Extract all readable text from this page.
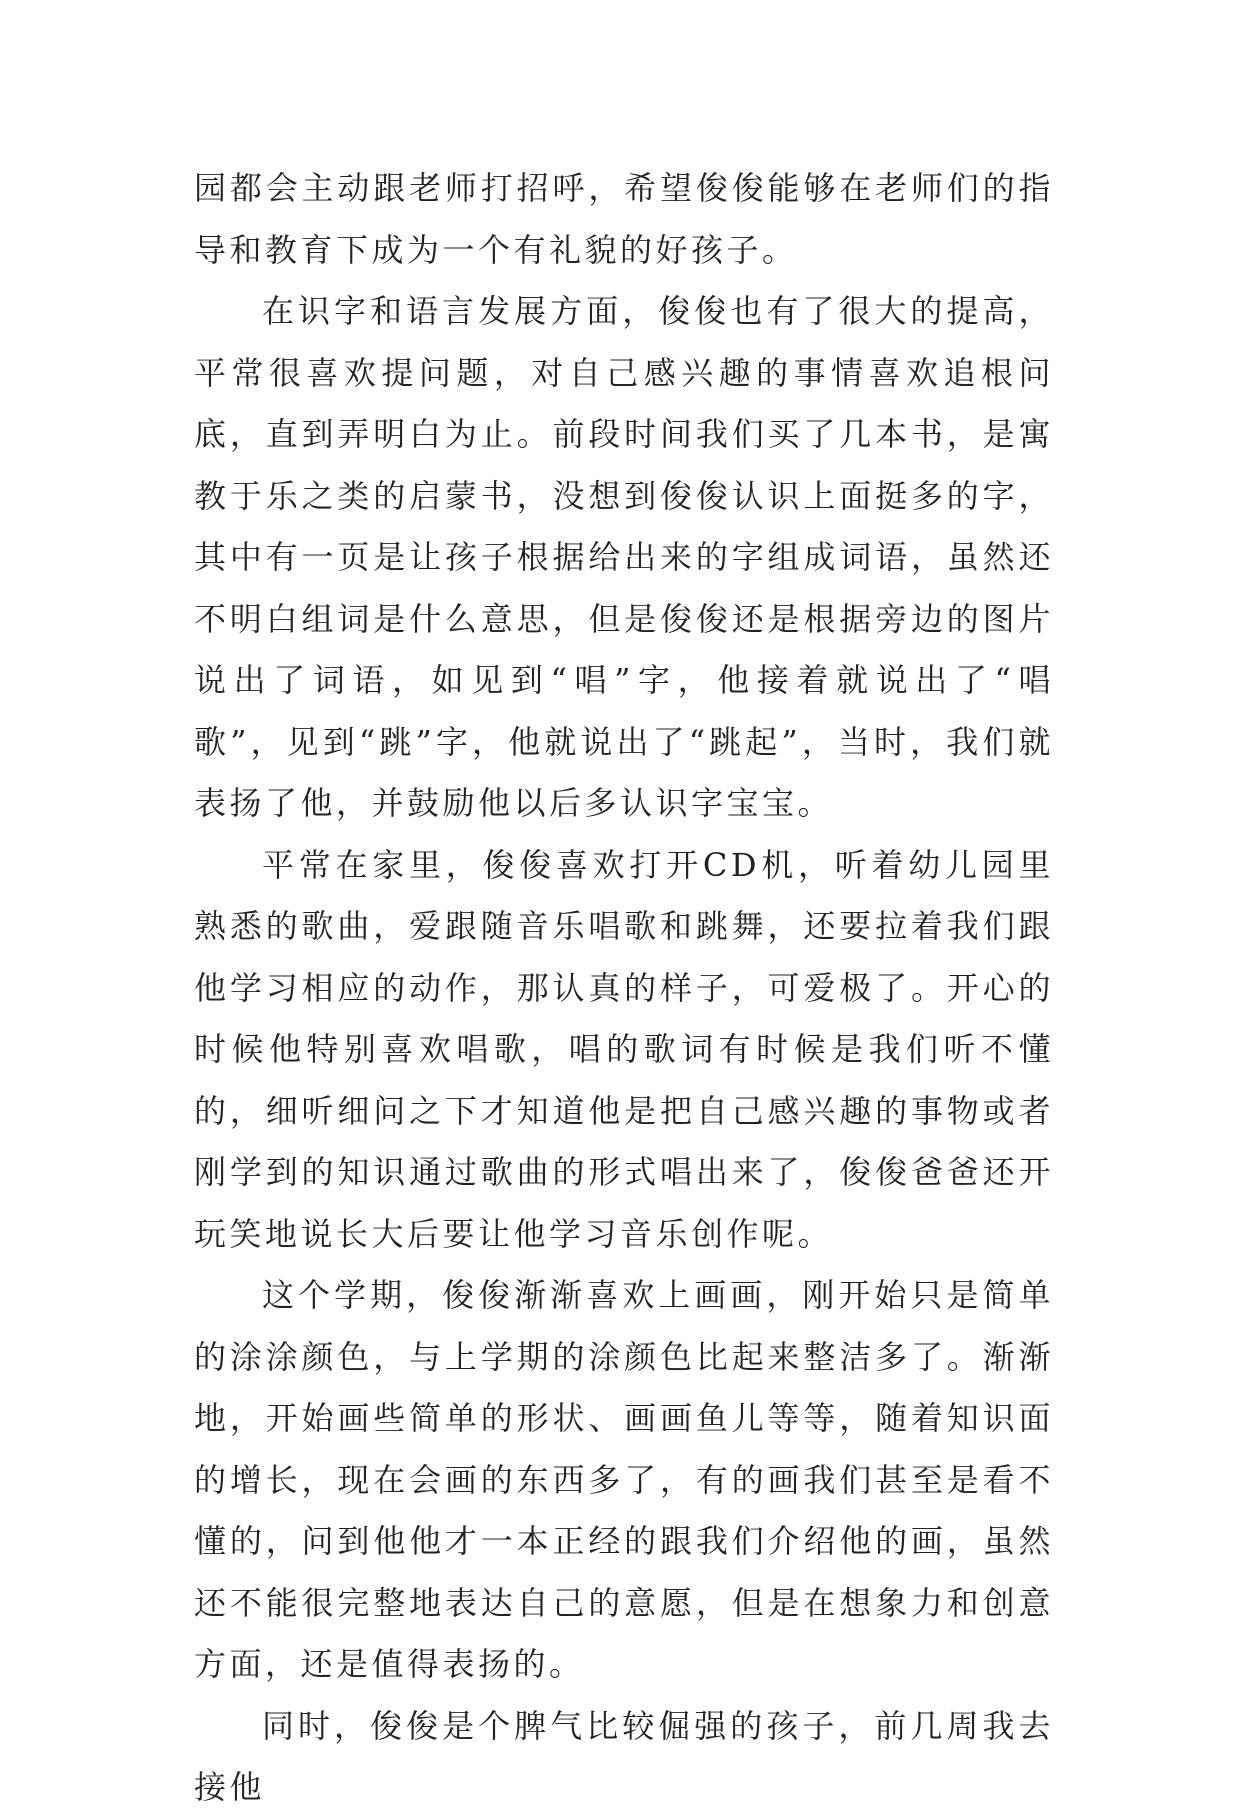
园都会主动跟老师打招呼，希望俊俊能够在老师们的指导和教育下成为一个有礼貌的好孩子。

在识字和语言发展方面，俊俊也有了很大的提高，平常很喜欢提问题，对自己感兴趣的事情喜欢追根问底，直到弄明白为止。前段时间我们买了几本书，是寓教于乐之类的启蒙书，没想到俊俊认识上面挺多的字，其中有一页是让孩子根据给出来的字组成词语，虽然还不明白组词是什么意思，但是俊俊还是根据旁边的图片说出了词语，如见到“唱”字，他接着就说出了“唱歌”，见到“跳”字，他就说出了“跳起”，当时，我们就表扬了他，并鼓励他以后多认识字宝宝。

平常在家里，俊俊喜欢打开CD机，听着幼儿园里熟悉的歌曲，爱跟随音乐唱歌和跳舞，还要拉着我们跟他学习相应的动作，那认真的样子，可爱极了。开心的时候他特别喜欢唱歌，唱的歌词有时候是我们听不懂的，细听细问之下才知道他是把自己感兴趣的事物或者刚学到的知识通过歌曲的形式唱出来了，俊俊爸爸还开玩笑地说长大后要让他学习音乐创作呢。

这个学期，俊俊渐渐喜欢上画画，刚开始只是简单的涂涂颜色，与上学期的涂颜色比起来整洁多了。渐渐地，开始画些简单的形状、画画鱼儿等等，随着知识面的增长，现在会画的东西多了，有的画我们甚至是看不懂的，问到他他才一本正经的跟我们介绍他的画，虽然还不能很完整地表达自己的意愿，但是在想象力和创意方面，还是值得表扬的。

同时，俊俊是个脾气比较倔强的孩子，前几周我去接他
